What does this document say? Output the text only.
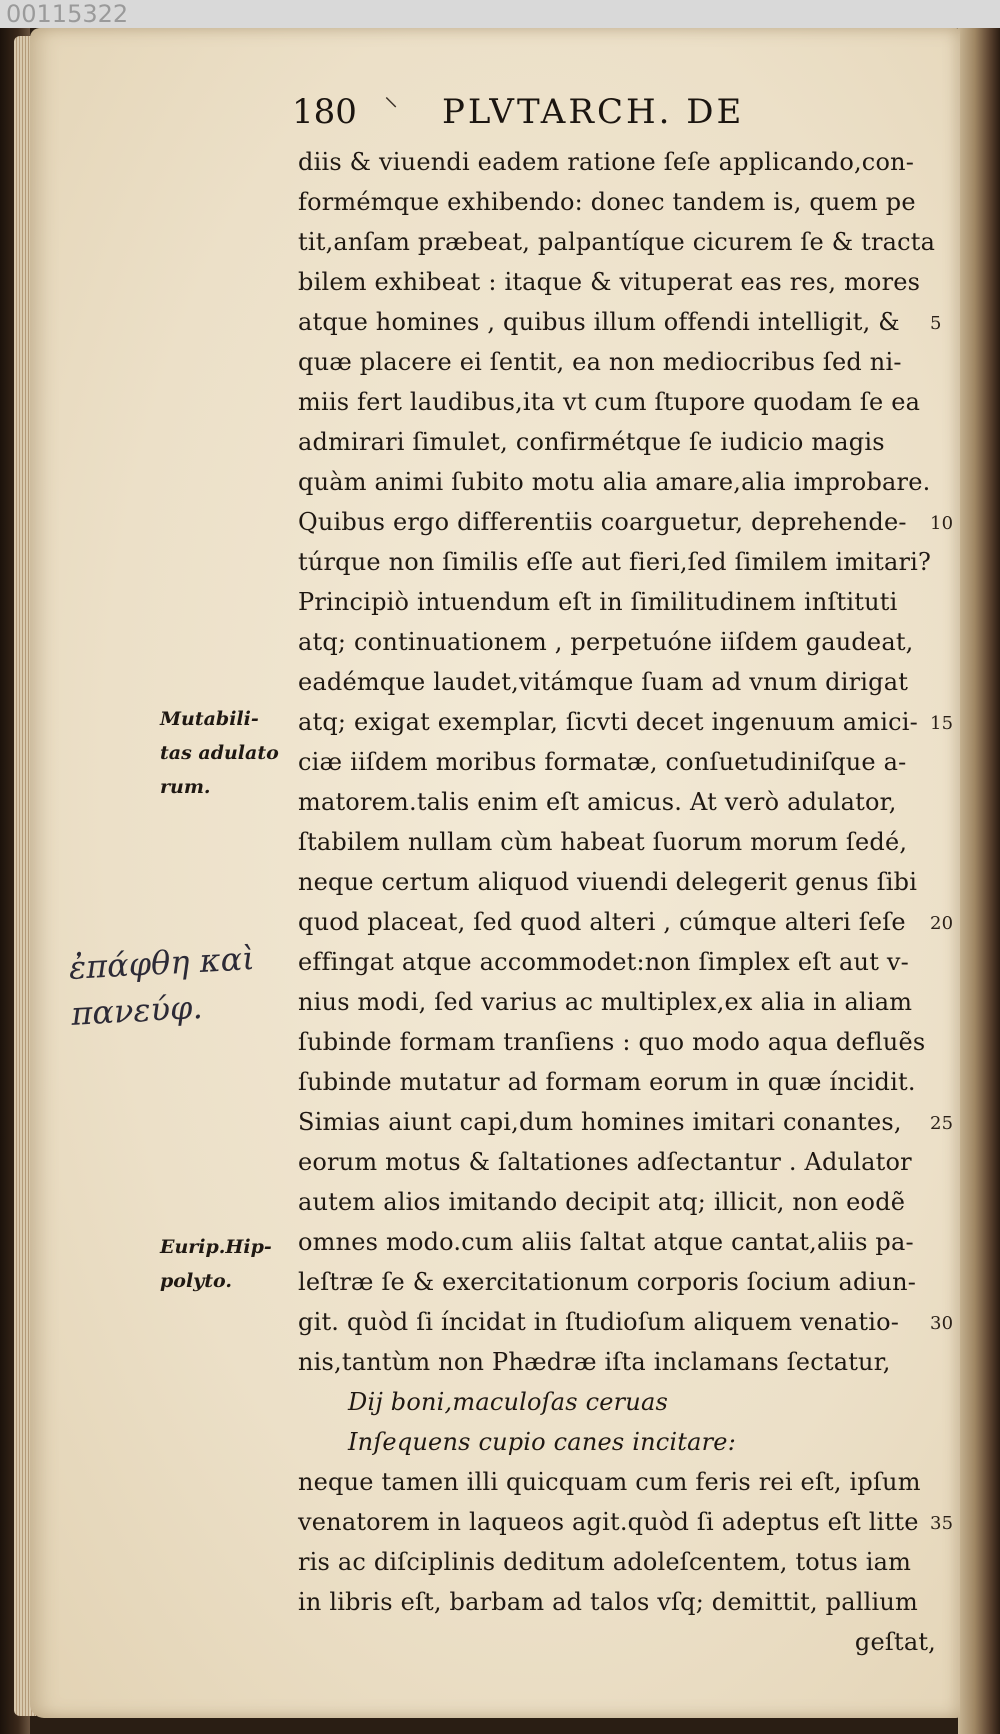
00115322
180 ⸌ PLVTARCH. DE
diis & viuendi eadem ratione ſeſe applicando,con-
formémque exhibendo: donec tandem is, quem pe
tit,anſam præbeat, palpantíque cicurem ſe & tracta
bilem exhibeat : itaque & vituperat eas res, mores
atque homines , quibus illum offendi intelligit, & 5
quæ placere ei ſentit, ea non mediocribus ſed ni-
miis fert laudibus,ita vt cum ſtupore quodam ſe ea
admirari ſimulet, confirmétque ſe iudicio magis
quàm animi ſubito motu alia amare,alia improbare.
Quibus ergo differentiis coarguetur, deprehende- 10
túrque non ſimilis eſſe aut fieri,ſed ſimilem imitari?
Principiò intuendum eſt in ſimilitudinem inſtituti
atq; continuationem , perpetuóne iiſdem gaudeat,
eadémque laudet,vitámque ſuam ad vnum dirigat
atq; exigat exemplar, ſicvti decet ingenuum amici- 15
ciæ iiſdem moribus formatæ, conſuetudiniſque a-
matorem.talis enim eſt amicus. At verò adulator,
ſtabilem nullam cùm habeat ſuorum morum ſedé,
neque certum aliquod viuendi delegerit genus ſibi
quod placeat, ſed quod alteri , cúmque alteri ſeſe 20
effingat atque accommodet:non ſimplex eſt aut v-
nius modi, ſed varius ac multiplex,ex alia in aliam
ſubinde formam tranſiens : quo modo aqua defluẽs
ſubinde mutatur ad formam eorum in quæ íncidit.
Simias aiunt capi,dum homines imitari conantes, 25
eorum motus & ſaltationes adſectantur . Adulator
autem alios imitando decipit atq; illicit, non eodẽ
omnes modo.cum aliis ſaltat atque cantat,aliis pa-
leſtræ ſe & exercitationum corporis ſocium adiun-
git. quòd ſi íncidat in ſtudioſum aliquem venatio- 30
nis,tantùm non Phædræ iſta inclamans ſectatur,
Dij boni,maculoſas ceruas
Inſequens cupio canes incitare:
neque tamen illi quicquam cum feris rei eſt, ipſum
venatorem in laqueos agit.quòd ſi adeptus eſt litte 35
ris ac diſciplinis deditum adoleſcentem, totus iam
in libris eſt, barbam ad talos vſq; demittit, pallium
geſtat,
Mutabili-
tas adulato
rum.
Eurip.Hip-
polyto.
ἐπάφθη καὶ
πανεύφ.
